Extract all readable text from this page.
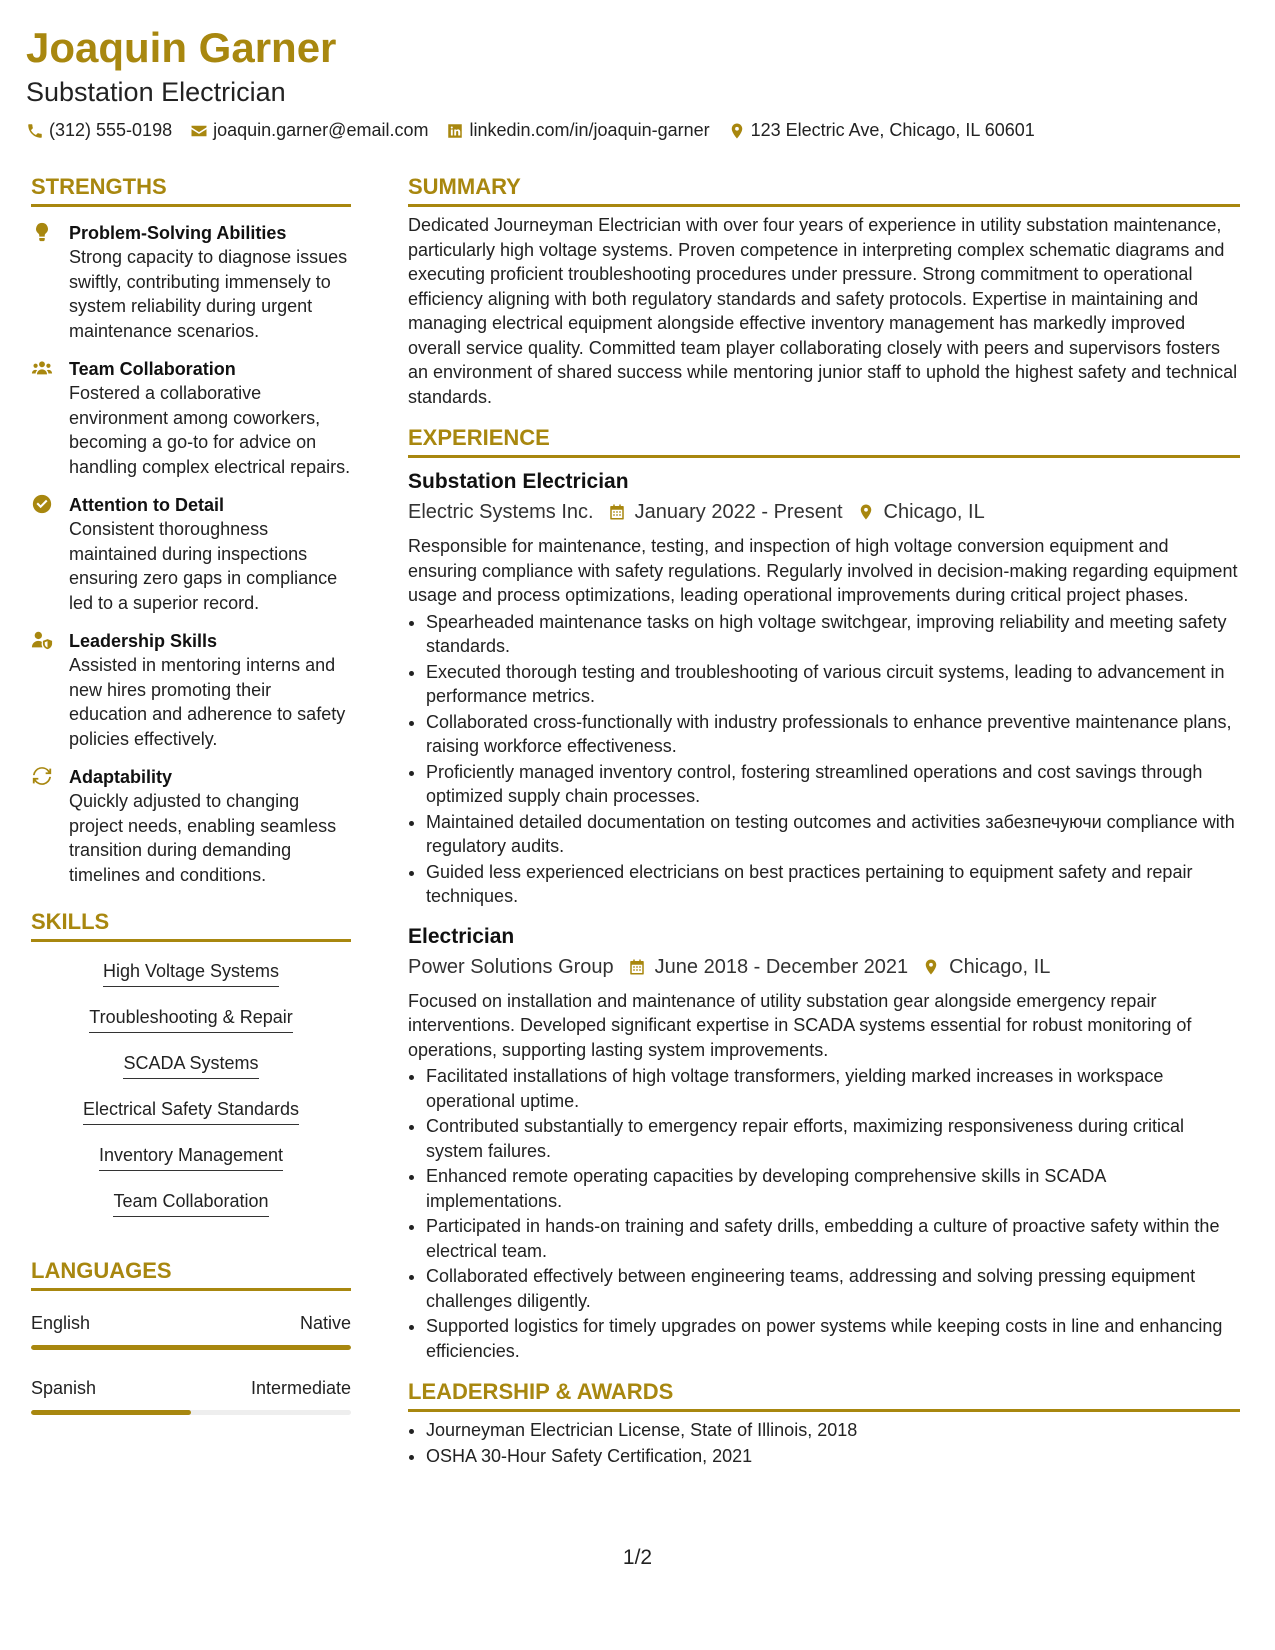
Joaquin Garner
Substation Electrician
(312) 555-0198 joaquin.garner@email.com linkedin.com/in/joaquin-garner 123 Electric Ave, Chicago, IL 60601
STRENGTHS
Problem-Solving Abilities
Strong capacity to diagnose issues swiftly, contributing immensely to system reliability during urgent maintenance scenarios.
Team Collaboration
Fostered a collaborative environment among coworkers, becoming a go-to for advice on handling complex electrical repairs.
Attention to Detail
Consistent thoroughness maintained during inspections ensuring zero gaps in compliance led to a superior record.
Leadership Skills
Assisted in mentoring interns and new hires promoting their education and adherence to safety policies effectively.
Adaptability
Quickly adjusted to changing project needs, enabling seamless transition during demanding timelines and conditions.
SKILLS
High Voltage Systems
Troubleshooting & Repair
SCADA Systems
Electrical Safety Standards
Inventory Management
Team Collaboration
LANGUAGES
English	Native
Spanish	Intermediate
SUMMARY

Dedicated Journeyman Electrician with over four years of experience in utility substation maintenance, particularly high voltage systems. Proven competence in interpreting complex schematic diagrams and executing proficient troubleshooting procedures under pressure. Strong commitment to operational efficiency aligning with both regulatory standards and safety protocols. Expertise in maintaining and managing electrical equipment alongside effective inventory management has markedly improved overall service quality. Committed team player collaborating closely with peers and supervisors fosters an environment of shared success while mentoring junior staff to uphold the highest safety and technical standards.

EXPERIENCE
Substation Electrician
Electric Systems Inc. January 2022 - Present Chicago, IL

Responsible for maintenance, testing, and inspection of high voltage conversion equipment and ensuring compliance with safety regulations. Regularly involved in decision-making regarding equipment usage and process optimizations, leading operational improvements during critical project phases.

• Spearheaded maintenance tasks on high voltage switchgear, improving reliability and meeting safety standards.
• Executed thorough testing and troubleshooting of various circuit systems, leading to advancement in performance metrics.
• Collaborated cross-functionally with industry professionals to enhance preventive maintenance plans, raising workforce effectiveness.
• Proficiently managed inventory control, fostering streamlined operations and cost savings through optimized supply chain processes.
• Maintained detailed documentation on testing outcomes and activities забезпечуючи compliance with regulatory audits.
• Guided less experienced electricians on best practices pertaining to equipment safety and repair techniques.
Electrician
Power Solutions Group June 2018 - December 2021 Chicago, IL

Focused on installation and maintenance of utility substation gear alongside emergency repair interventions. Developed significant expertise in SCADA systems essential for robust monitoring of operations, supporting lasting system improvements.

• Facilitated installations of high voltage transformers, yielding marked increases in workspace operational uptime.
• Contributed substantially to emergency repair efforts, maximizing responsiveness during critical system failures.
• Enhanced remote operating capacities by developing comprehensive skills in SCADA implementations.
• Participated in hands-on training and safety drills, embedding a culture of proactive safety within the electrical team.
• Collaborated effectively between engineering teams, addressing and solving pressing equipment challenges diligently.
• Supported logistics for timely upgrades on power systems while keeping costs in line and enhancing efficiencies.
LEADERSHIP & AWARDS
• Journeyman Electrician License, State of Illinois, 2018
• OSHA 30-Hour Safety Certification, 2021
1/2
